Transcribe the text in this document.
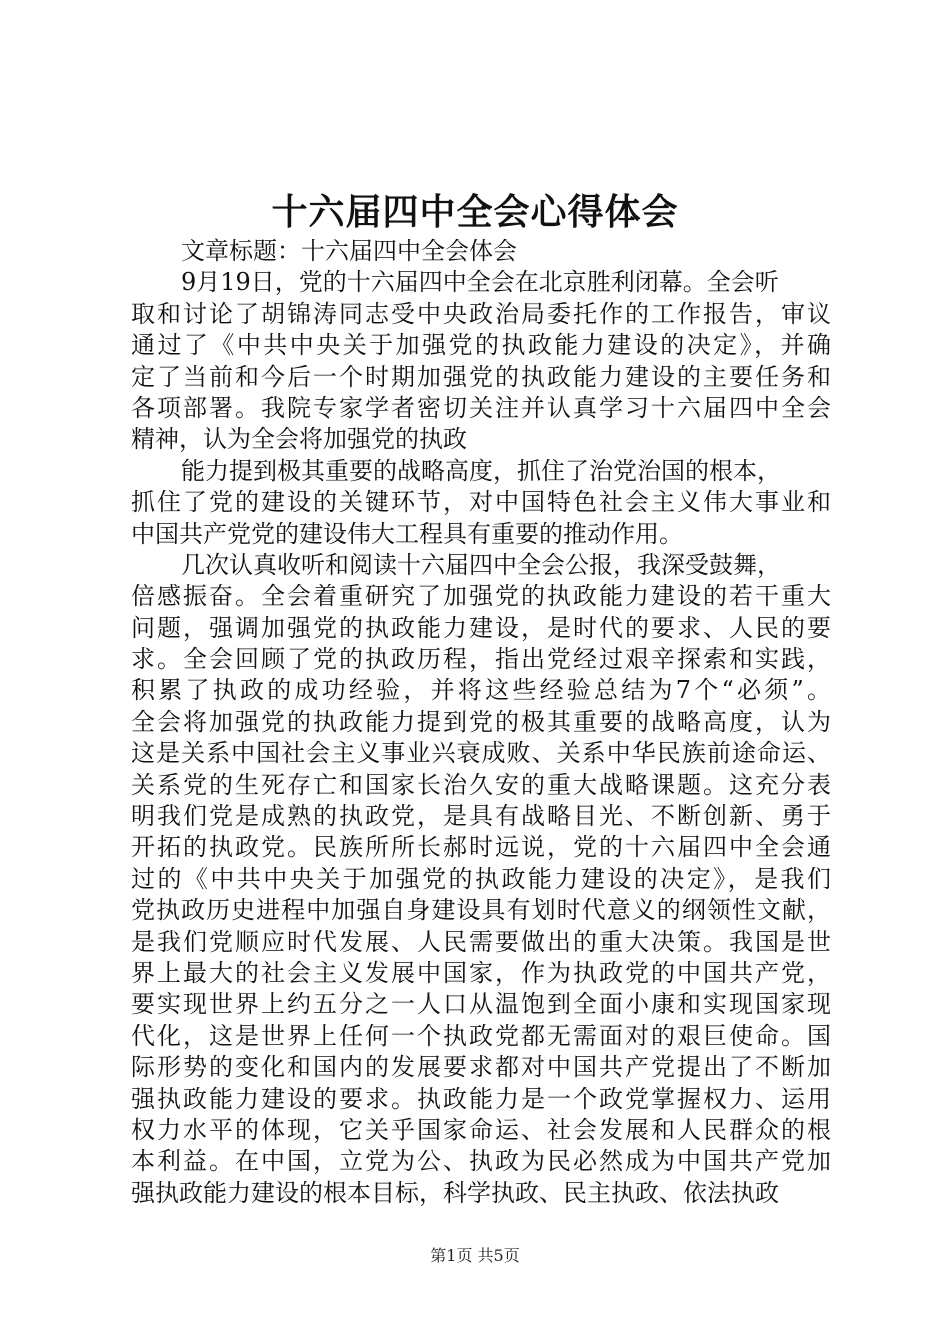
十六届四中全会心得体会
文章标题：十六届四中全会体会
9月19日，党的十六届四中全会在北京胜利闭幕。全会听
取和讨论了胡锦涛同志受中央政治局委托作的工作报告，审议
通过了《中共中央关于加强党的执政能力建设的决定》，并确
定了当前和今后一个时期加强党的执政能力建设的主要任务和
各项部署。我院专家学者密切关注并认真学习十六届四中全会
精神，认为全会将加强党的执政
能力提到极其重要的战略高度，抓住了治党治国的根本，
抓住了党的建设的关键环节，对中国特色社会主义伟大事业和
中国共产党党的建设伟大工程具有重要的推动作用。
几次认真收听和阅读十六届四中全会公报，我深受鼓舞，
倍感振奋。全会着重研究了加强党的执政能力建设的若干重大
问题，强调加强党的执政能力建设，是时代的要求、人民的要
求。全会回顾了党的执政历程，指出党经过艰辛探索和实践，
积累了执政的成功经验，并将这些经验总结为7个“必须”。
全会将加强党的执政能力提到党的极其重要的战略高度，认为
这是关系中国社会主义事业兴衰成败、关系中华民族前途命运、
关系党的生死存亡和国家长治久安的重大战略课题。这充分表
明我们党是成熟的执政党，是具有战略目光、不断创新、勇于
开拓的执政党。民族所所长郝时远说，党的十六届四中全会通
过的《中共中央关于加强党的执政能力建设的决定》，是我们
党执政历史进程中加强自身建设具有划时代意义的纲领性文献，
是我们党顺应时代发展、人民需要做出的重大决策。我国是世
界上最大的社会主义发展中国家，作为执政党的中国共产党，
要实现世界上约五分之一人口从温饱到全面小康和实现国家现
代化，这是世界上任何一个执政党都无需面对的艰巨使命。国
际形势的变化和国内的发展要求都对中国共产党提出了不断加
强执政能力建设的要求。执政能力是一个政党掌握权力、运用
权力水平的体现，它关乎国家命运、社会发展和人民群众的根
本利益。在中国，立党为公、执政为民必然成为中国共产党加
强执政能力建设的根本目标，科学执政、民主执政、依法执政
第1页 共5页
